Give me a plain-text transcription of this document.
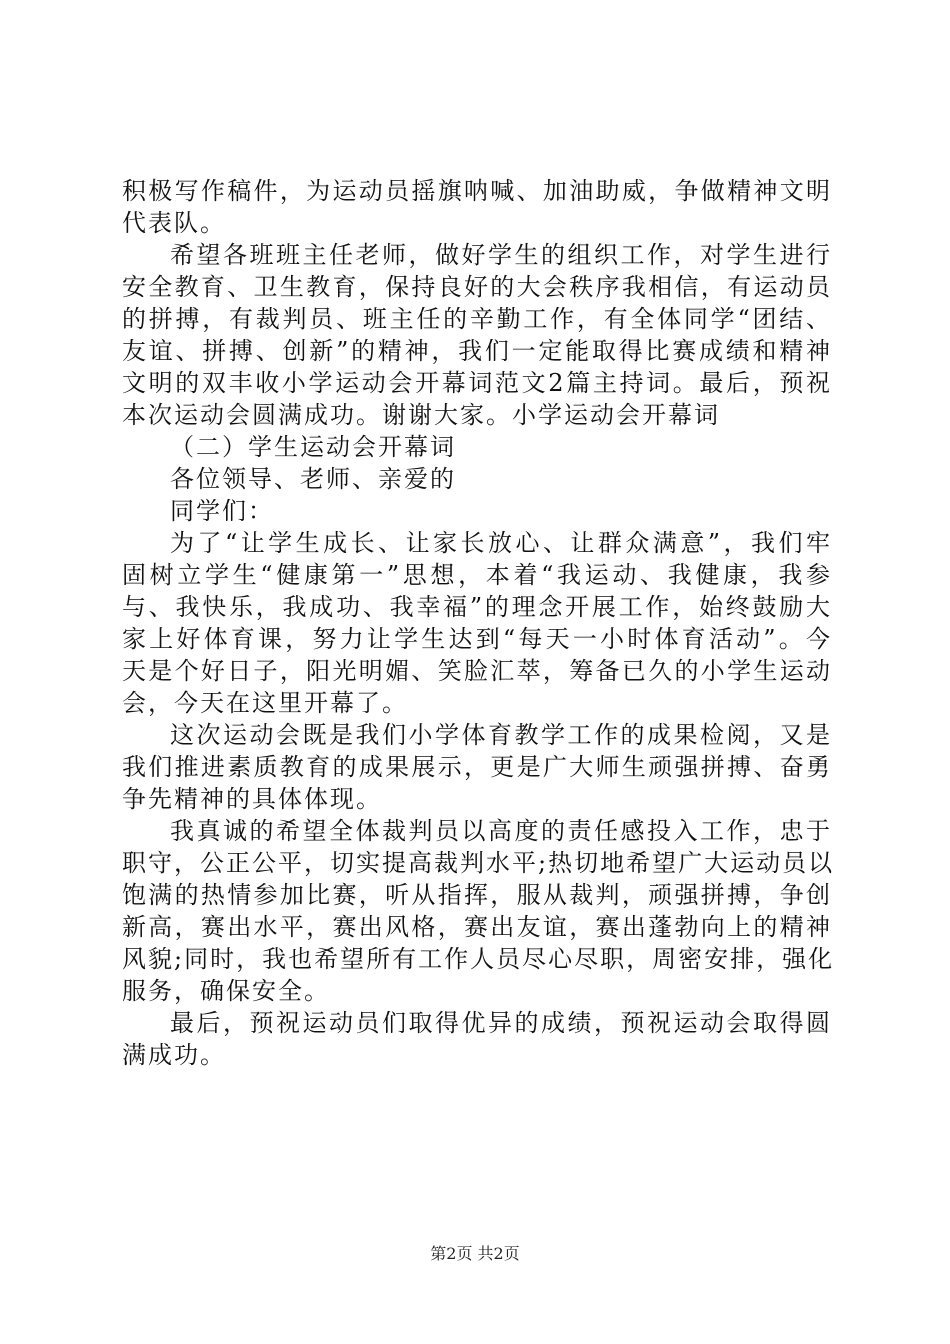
积极写作稿件，为运动员摇旗呐喊、加油助威，争做精神文明
代表队。
希望各班班主任老师，做好学生的组织工作，对学生进行
安全教育、卫生教育，保持良好的大会秩序我相信，有运动员
的拼搏，有裁判员、班主任的辛勤工作，有全体同学“团结、
友谊、拼搏、创新”的精神，我们一定能取得比赛成绩和精神
文明的双丰收小学运动会开幕词范文2篇主持词。最后，预祝
本次运动会圆满成功。谢谢大家。小学运动会开幕词
（二）学生运动会开幕词
各位领导、老师、亲爱的
同学们：
为了“让学生成长、让家长放心、让群众满意”，我们牢
固树立学生“健康第一”思想，本着“我运动、我健康，我参
与、我快乐，我成功、我幸福”的理念开展工作，始终鼓励大
家上好体育课，努力让学生达到“每天一小时体育活动”。今
天是个好日子，阳光明媚、笑脸汇萃，筹备已久的小学生运动
会，今天在这里开幕了。
这次运动会既是我们小学体育教学工作的成果检阅，又是
我们推进素质教育的成果展示，更是广大师生顽强拼搏、奋勇
争先精神的具体体现。
我真诚的希望全体裁判员以高度的责任感投入工作，忠于
职守，公正公平，切实提高裁判水平;热切地希望广大运动员以
饱满的热情参加比赛，听从指挥，服从裁判，顽强拼搏，争创
新高，赛出水平，赛出风格，赛出友谊，赛出蓬勃向上的精神
风貌;同时，我也希望所有工作人员尽心尽职，周密安排，强化
服务，确保安全。
最后，预祝运动员们取得优异的成绩，预祝运动会取得圆
满成功。
第2页 共2页
